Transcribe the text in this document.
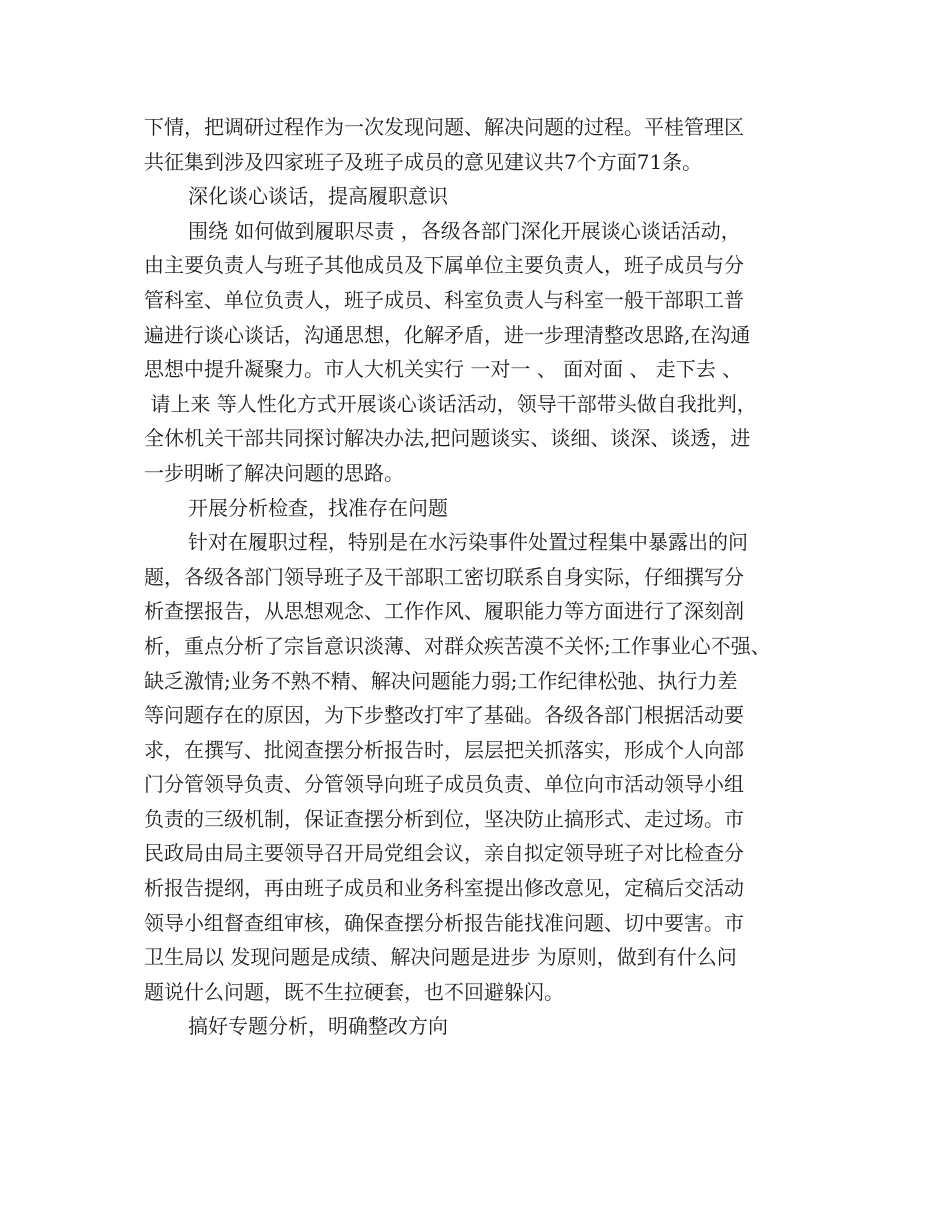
下情，把调研过程作为一次发现问题、解决问题的过程。平桂管理区
共征集到涉及四家班子及班子成员的意见建议共7个方面71条。
深化谈心谈话，提高履职意识
围绕 如何做到履职尽责 ，各级各部门深化开展谈心谈话活动，
由主要负责人与班子其他成员及下属单位主要负责人，班子成员与分
管科室、单位负责人，班子成员、科室负责人与科室一般干部职工普
遍进行谈心谈话，沟通思想，化解矛盾，进一步理清整改思路,在沟通
思想中提升凝聚力。市人大机关实行 一对一 、 面对面 、 走下去 、
请上来 等人性化方式开展谈心谈话活动，领导干部带头做自我批判，
全休机关干部共同探讨解决办法,把问题谈实、谈细、谈深、谈透，进
一步明晰了解决问题的思路。
开展分析检查，找准存在问题
针对在履职过程，特别是在水污染事件处置过程集中暴露出的问
题，各级各部门领导班子及干部职工密切联系自身实际，仔细撰写分
析查摆报告，从思想观念、工作作风、履职能力等方面进行了深刻剖
析，重点分析了宗旨意识淡薄、对群众疾苦漠不关怀;工作事业心不强、
缺乏激情;业务不熟不精、解决问题能力弱;工作纪律松弛、执行力差
等问题存在的原因，为下步整改打牢了基础。各级各部门根据活动要
求，在撰写、批阅查摆分析报告时，层层把关抓落实，形成个人向部
门分管领导负责、分管领导向班子成员负责、单位向市活动领导小组
负责的三级机制，保证查摆分析到位，坚决防止搞形式、走过场。市
民政局由局主要领导召开局党组会议，亲自拟定领导班子对比检查分
析报告提纲，再由班子成员和业务科室提出修改意见，定稿后交活动
领导小组督查组审核，确保查摆分析报告能找准问题、切中要害。市
卫生局以 发现问题是成绩、解决问题是进步 为原则，做到有什么问
题说什么问题，既不生拉硬套，也不回避躲闪。
搞好专题分析，明确整改方向
